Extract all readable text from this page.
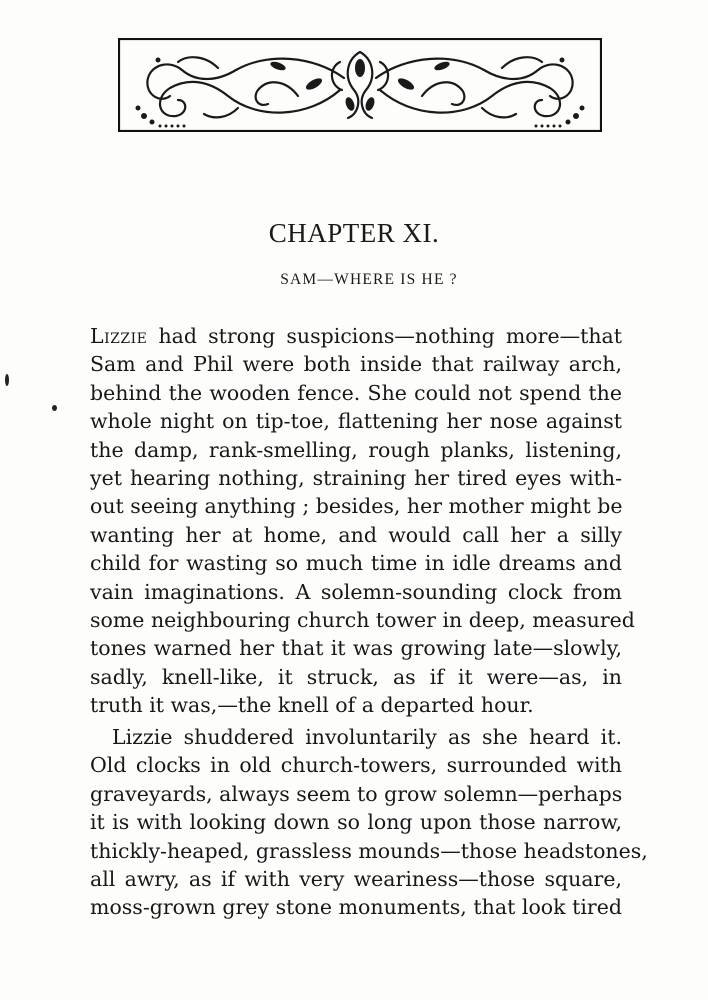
CHAPTER XI.
SAM—WHERE IS HE ?
Lizzie had strong suspicions—nothing more—that
Sam and Phil were both inside that railway arch,
behind the wooden fence. She could not spend the
whole night on tip-toe, flattening her nose against
the damp, rank-smelling, rough planks, listening,
yet hearing nothing, straining her tired eyes with-
out seeing anything ; besides, her mother might be
wanting her at home, and would call her a silly
child for wasting so much time in idle dreams and
vain imaginations. A solemn-sounding clock from
some neighbouring church tower in deep, measured
tones warned her that it was growing late—slowly,
sadly, knell-like, it struck, as if it were—as, in
truth it was,—the knell of a departed hour.
Lizzie shuddered involuntarily as she heard it.
Old clocks in old church-towers, surrounded with
graveyards, always seem to grow solemn—perhaps
it is with looking down so long upon those narrow,
thickly-heaped, grassless mounds—those headstones,
all awry, as if with very weariness—those square,
moss-grown grey stone monuments, that look tired
